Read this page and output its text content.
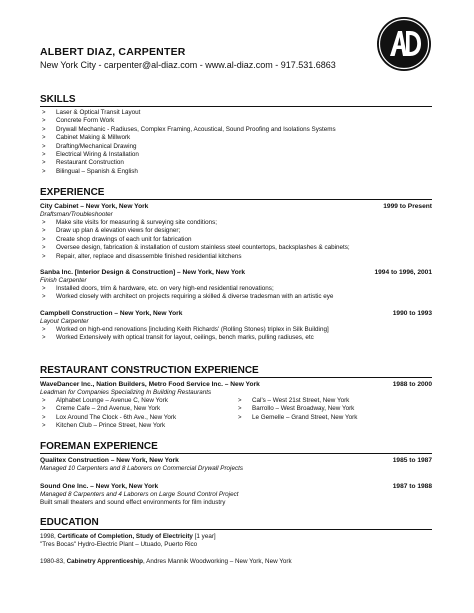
ALBERT DIAZ, CARPENTER
New York City - carpenter@al-diaz.com - www.al-diaz.com - 917.531.6863
SKILLS
> Laser & Optical Transit Layout
> Concrete Form Work
> Drywall Mechanic - Radiuses, Complex Framing, Acoustical, Sound Proofing and Isolations Systems
> Cabinet Making & Millwork
> Drafting/Mechanical Drawing
> Electrical Wiring & Installation
> Restaurant Construction
> Bilingual – Spanish & English
EXPERIENCE
City Cabinet – New York, New York	1999 to Present
Draftsman/Troubleshooter
> Make site visits for measuring & surveying site conditions;
> Draw up plan & elevation views for designer;
> Create shop drawings of each unit for fabrication
> Oversee design, fabrication & installation of custom stainless steel countertops, backsplashes & cabinets;
> Repair, alter, replace and disassemble finished residential kitchens
Sanba Inc. [Interior Design & Construction] – New York, New York	1994 to 1996, 2001
Finish Carpenter
> Installed doors, trim & hardware, etc. on very high-end residential renovations;
> Worked closely with architect on projects requiring a skilled & diverse tradesman with an artistic eye
Campbell Construction – New York, New York	1990 to 1993
Layout Carpenter
> Worked on high-end renovations [including Keith Richards' (Rolling Stones) triplex in Silk Building]
> Worked Extensively with optical transit for layout, ceilings, bench marks, pulling radiuses, etc
RESTAURANT CONSTRUCTION EXPERIENCE
WaveDancer Inc., Nation Builders, Metro Food Service Inc. – New York	1988 to 2000
Leadman for Companies Specializing In Building Restaurants
> Alphabet Lounge – Avenue C, New York
> Creme Cafe – 2nd Avenue, New York
> Lox Around The Clock - 6th Ave., New York
> Kitchen Club – Prince Street, New York
> Cal's – West 21st Street, New York
> Barrollo – West Broadway, New York
> Le Gemelle – Grand Street, New York
FOREMAN EXPERIENCE
Qualitex Construction – New York, New York	1985 to 1987
Managed 10 Carpenters and 8 Laborers on Commercial Drywall Projects
Sound One Inc. – New York, New York	1987 to 1988
Managed 8 Carpenters and 4 Laborers on Large Sound Control Project
Built small theaters and sound effect environments for film industry
EDUCATION
1998, Certificate of Completion, Study of Electricity [1 year]
"Tres Bocas" Hydro-Electric Plant – Utuado, Puerto Rico
1980-83, Cabinetry Apprenticeship, Andres Mannik Woodworking – New York, New York
